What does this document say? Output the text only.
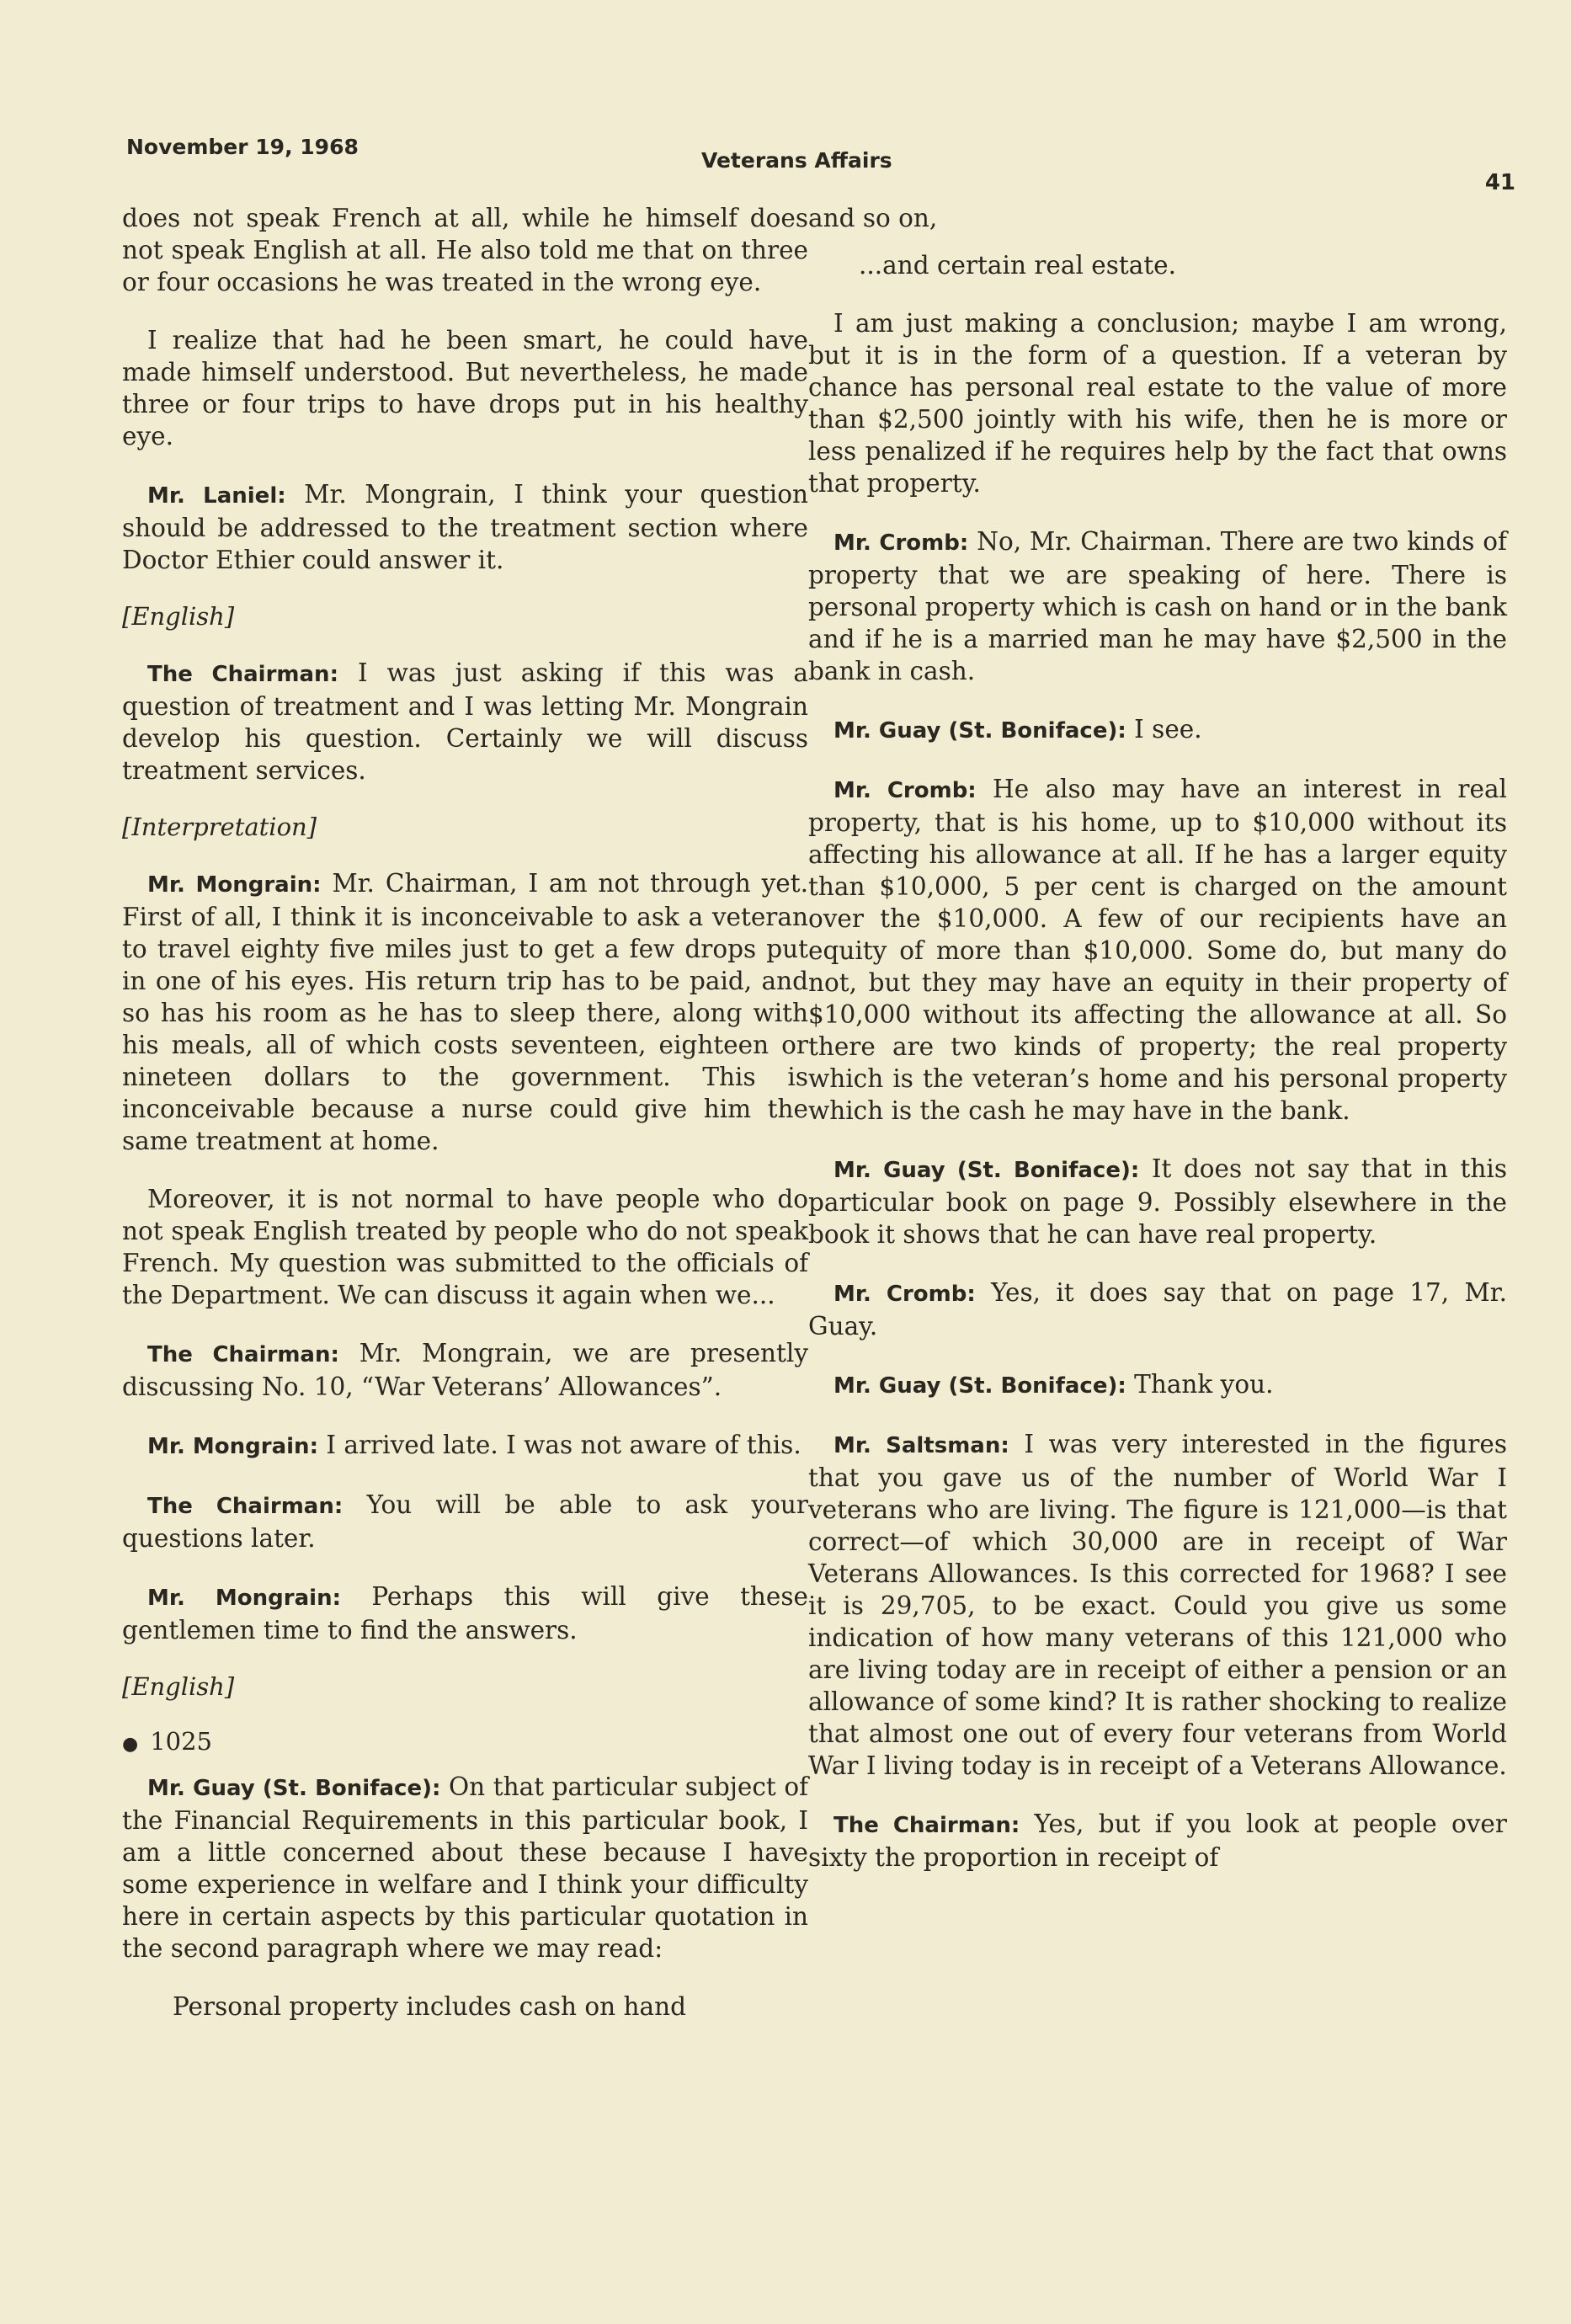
November 19, 1968
Veterans Affairs
41

does not speak French at all, while he himself does not speak English at all. He also told me that on three or four occasions he was treated in the wrong eye.

I realize that had he been smart, he could have made himself understood. But nevertheless, he made three or four trips to have drops put in his healthy eye.

Mr. Laniel: Mr. Mongrain, I think your question should be addressed to the treatment section where Doctor Ethier could answer it.

[English]

The Chairman: I was just asking if this was a question of treatment and I was letting Mr. Mongrain develop his question. Certainly we will discuss treatment services.

[Interpretation]

Mr. Mongrain: Mr. Chairman, I am not through yet. First of all, I think it is inconceivable to ask a veteran to travel eighty five miles just to get a few drops put in one of his eyes. His return trip has to be paid, and so has his room as he has to sleep there, along with his meals, all of which costs seventeen, eighteen or nineteen dollars to the government. This is inconceivable because a nurse could give him the same treatment at home.

Moreover, it is not normal to have people who do not speak English treated by people who do not speak French. My question was submitted to the officials of the Department. We can discuss it again when we...

The Chairman: Mr. Mongrain, we are presently discussing No. 10, “War Veterans’ Allowances”.

Mr. Mongrain: I arrived late. I was not aware of this.

The Chairman: You will be able to ask your questions later.

Mr. Mongrain: Perhaps this will give these gentlemen time to find the answers.

[English]

● 1025

Mr. Guay (St. Boniface): On that particular subject of the Financial Requirements in this particular book, I am a little concerned about these because I have some experience in welfare and I think your difficulty here in certain aspects by this particular quotation in the second paragraph where we may read:

Personal property includes cash on hand

and so on,

...and certain real estate.

I am just making a conclusion; maybe I am wrong, but it is in the form of a question. If a veteran by chance has personal real estate to the value of more than $2,500 jointly with his wife, then he is more or less penalized if he requires help by the fact that owns that property.

Mr. Cromb: No, Mr. Chairman. There are two kinds of property that we are speaking of here. There is personal property which is cash on hand or in the bank and if he is a married man he may have $2,500 in the bank in cash.

Mr. Guay (St. Boniface): I see.

Mr. Cromb: He also may have an interest in real property, that is his home, up to $10,000 without its affecting his allowance at all. If he has a larger equity than $10,000, 5 per cent is charged on the amount over the $10,000. A few of our recipients have an equity of more than $10,000. Some do, but many do not, but they may have an equity in their property of $10,000 without its affecting the allowance at all. So there are two kinds of property; the real property which is the veteran’s home and his personal property which is the cash he may have in the bank.

Mr. Guay (St. Boniface): It does not say that in this particular book on page 9. Possibly elsewhere in the book it shows that he can have real property.

Mr. Cromb: Yes, it does say that on page 17, Mr. Guay.

Mr. Guay (St. Boniface): Thank you.

Mr. Saltsman: I was very interested in the figures that you gave us of the number of World War I veterans who are living. The figure is 121,000—is that correct—of which 30,000 are in receipt of War Veterans Allowances. Is this corrected for 1968? I see it is 29,705, to be exact. Could you give us some indication of how many veterans of this 121,000 who are living today are in receipt of either a pension or an allowance of some kind? It is rather shocking to realize that almost one out of every four veterans from World War I living today is in receipt of a Veterans Allowance.

The Chairman: Yes, but if you look at people over sixty the proportion in receipt of
